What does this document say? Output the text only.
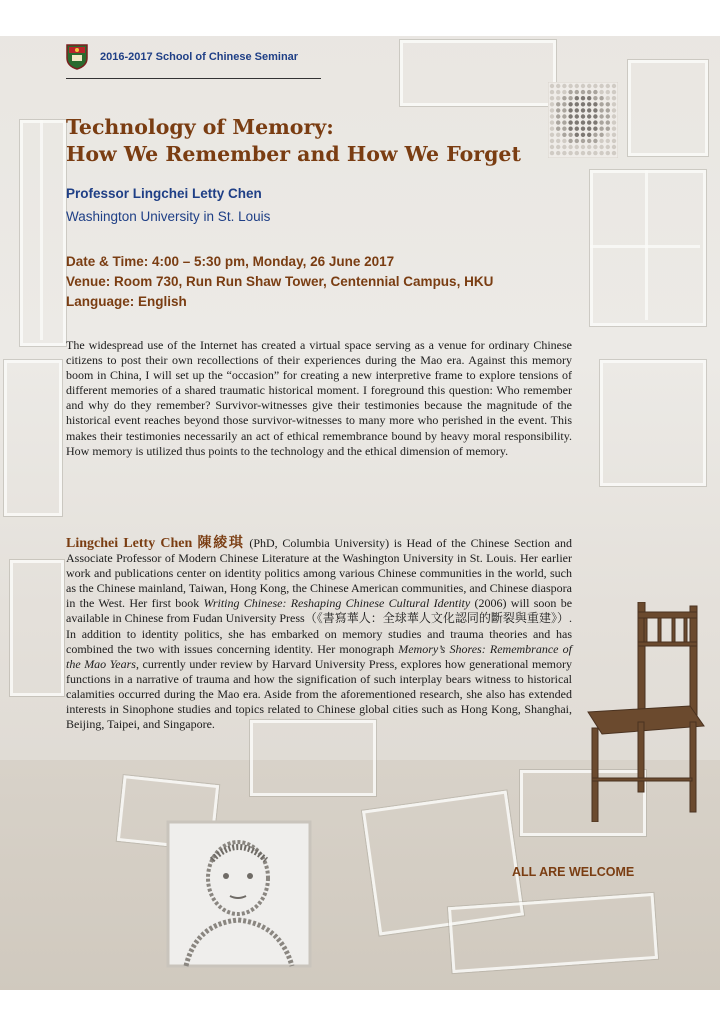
2016-2017 School of Chinese Seminar
Technology of Memory:
How We Remember and How We Forget
Professor Lingchei Letty Chen
Washington University in St. Louis
Date & Time: 4:00 – 5:30 pm, Monday, 26 June 2017
Venue: Room 730, Run Run Shaw Tower, Centennial Campus, HKU
Language: English

The widespread use of the Internet has created a virtual space serving as a venue for ordinary Chinese citizens to post their own recollections of their experiences during the Mao era. Against this memory boom in China, I will set up the “occasion” for creating a new interpretive frame to explore tensions of different memories of a shared traumatic historical moment. I foreground this question: Who remember and why do they remember? Survivor-witnesses give their testimonies because the magnitude of the historical event reaches beyond those survivor-witnesses to many more who perished in the event. This makes their testimonies necessarily an act of ethical remembrance bound by heavy moral responsibility. How memory is utilized thus points to the technology and the ethical dimension of memory.

Lingchei Letty Chen 陳綾琪 (PhD, Columbia University) is Head of the Chinese Section and Associate Professor of Modern Chinese Literature at the Washington University in St. Louis. Her earlier work and publications center on identity politics among various Chinese communities in the world, such as the Chinese mainland, Taiwan, Hong Kong, the Chinese American communities, and Chinese diaspora in the West. Her first book Writing Chinese: Reshaping Chinese Cultural Identity (2006) will soon be available in Chinese from Fudan University Press（《書寫華人：全球華人文化認同的斷裂與重建》）. In addition to identity politics, she has embarked on memory studies and trauma theories and has combined the two with issues concerning identity. Her monograph Memory’s Shores: Remembrance of the Mao Years, currently under review by Harvard University Press, explores how generational memory functions in a narrative of trauma and how the signification of such interplay bears witness to historical calamities occurred during the Mao era. Aside from the aforementioned research, she also has extended interests in Sinophone studies and topics related to Chinese global cities such as Hong Kong, Shanghai, Beijing, Taipei, and Singapore.

ALL ARE WELCOME
